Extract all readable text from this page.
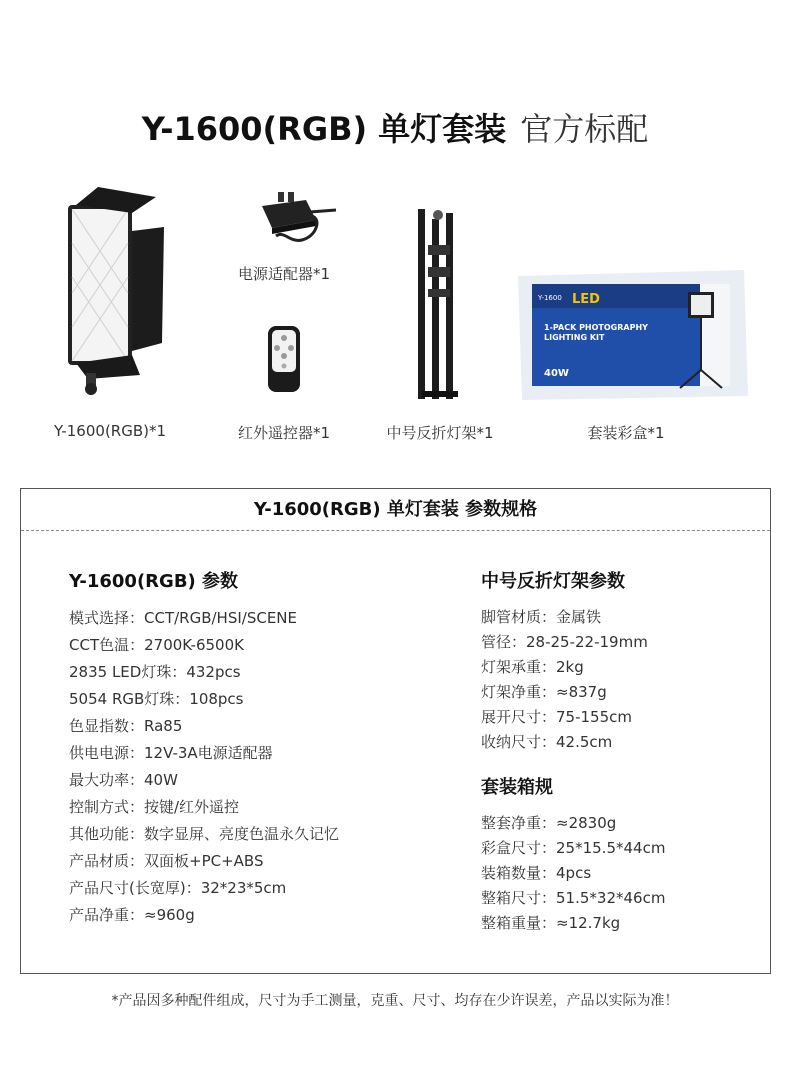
Y-1600(RGB) 单灯套装 官方标配
Y-1600 LED
1-PACK PHOTOGRAPHY
LIGHTING KIT
40W
Y-1600(RGB)*1
电源适配器*1
红外遥控器*1	中号反折灯架*1	套装彩盒*1
Y-1600(RGB) 单灯套装 参数规格
Y-1600(RGB) 参数
模式选择：CCT/RGB/HSI/SCENE
CCT色温：2700K-6500K
2835 LED灯珠：432pcs
5054 RGB灯珠：108pcs
色显指数：Ra85
供电电源：12V-3A电源适配器
最大功率：40W
控制方式：按键/红外遥控
其他功能：数字显屏、亮度色温永久记忆
产品材质：双面板+PC+ABS
产品尺寸(长宽厚)：32*23*5cm
产品净重：≈960g
中号反折灯架参数
脚管材质：金属铁
管径：28-25-22-19mm
灯架承重：2kg
灯架净重：≈837g
展开尺寸：75-155cm
收纳尺寸：42.5cm
套装箱规
整套净重：≈2830g
彩盒尺寸：25*15.5*44cm
装箱数量：4pcs
整箱尺寸：51.5*32*46cm
整箱重量：≈12.7kg
*产品因多种配件组成，尺寸为手工测量，克重、尺寸、均存在少许误差，产品以实际为准！
